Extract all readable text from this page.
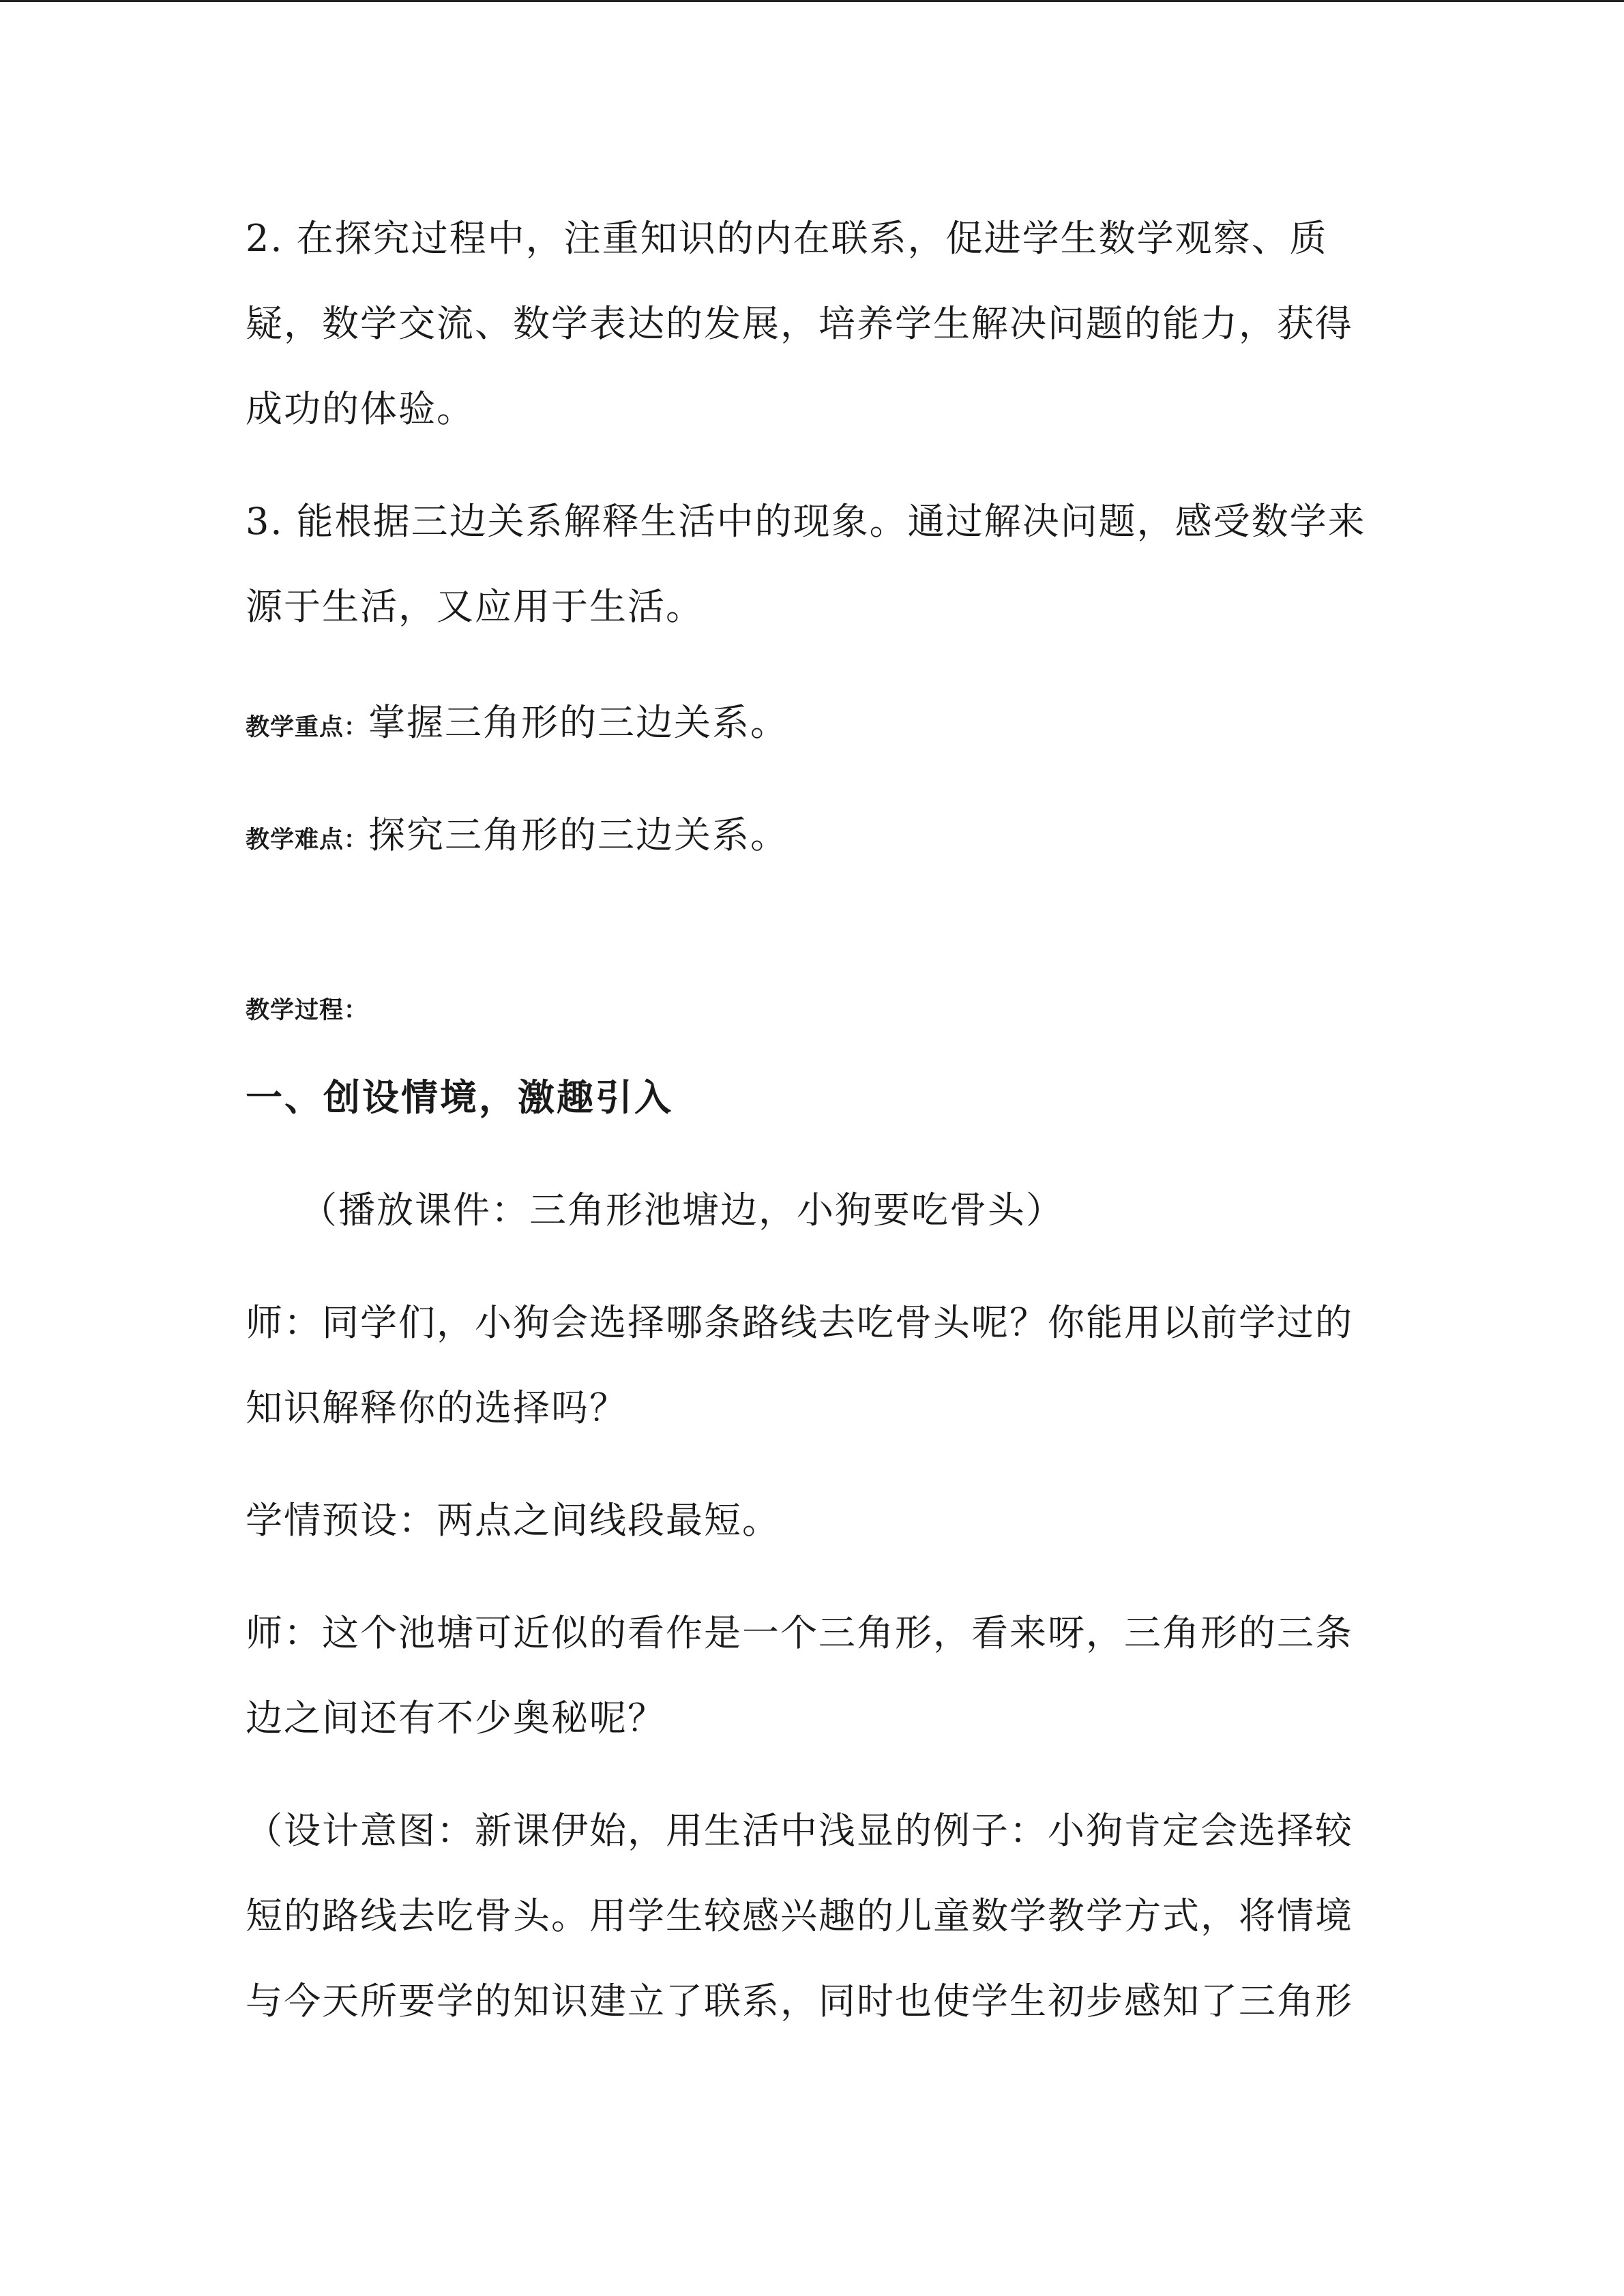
2. 在探究过程中，注重知识的内在联系，促进学生数学观察、质

疑，数学交流、数学表达的发展，培养学生解决问题的能力，获得

成功的体验。

3. 能根据三边关系解释生活中的现象。通过解决问题，感受数学来

源于生活，又应用于生活。

教学重点：掌握三角形的三边关系。

教学难点：探究三角形的三边关系。

教学过程：

一、创设情境，激趣引入

（播放课件：三角形池塘边，小狗要吃骨头）

师：同学们，小狗会选择哪条路线去吃骨头呢？你能用以前学过的

知识解释你的选择吗？

学情预设：两点之间线段最短。

师：这个池塘可近似的看作是一个三角形，看来呀，三角形的三条

边之间还有不少奥秘呢？

（设计意图：新课伊始，用生活中浅显的例子：小狗肯定会选择较

短的路线去吃骨头。用学生较感兴趣的儿童数学教学方式，将情境

与今天所要学的知识建立了联系，同时也使学生初步感知了三角形
